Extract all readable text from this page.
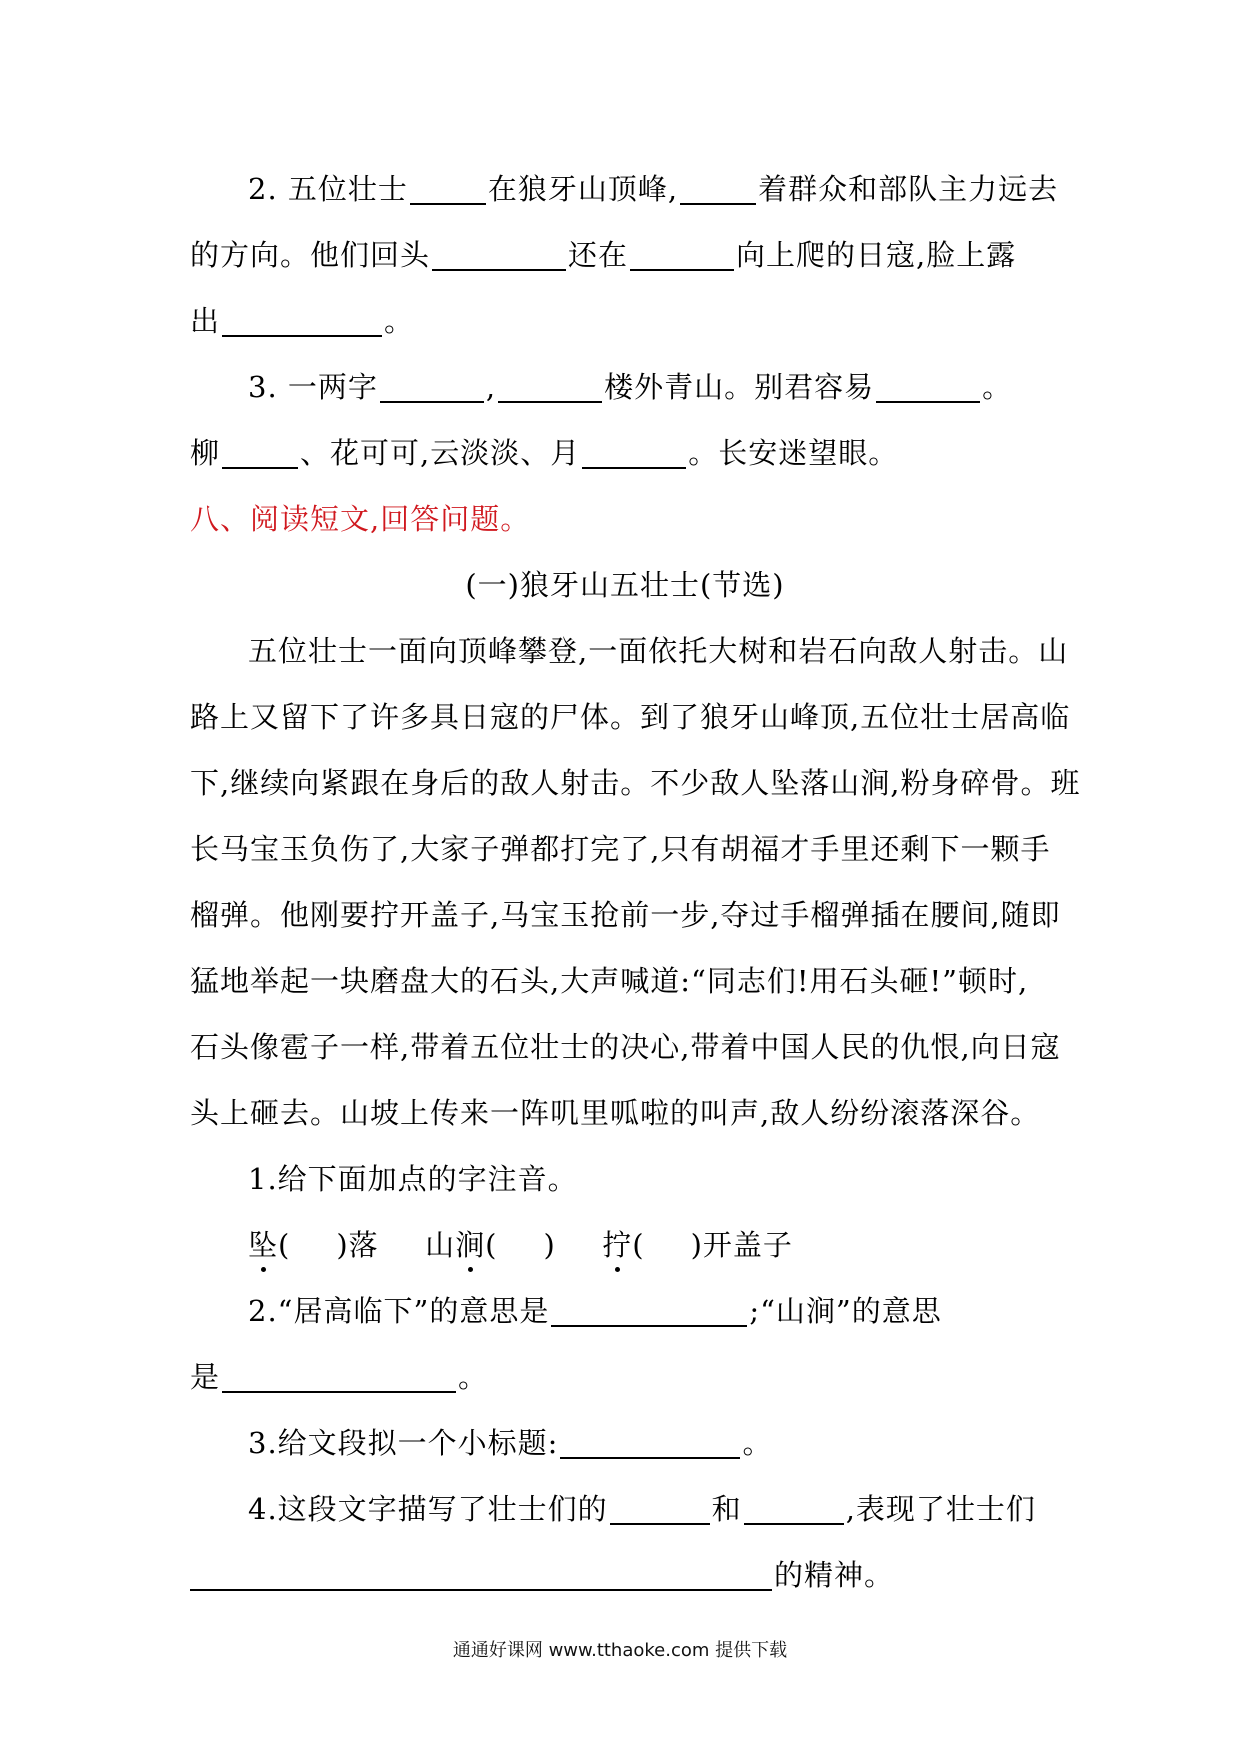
2. 五位壮士	在狼牙山顶峰,	着群众和部队主力远去
的方向。他们回头	还在	向上爬的日寇,脸上露
出	。
3. 一两字	,	楼外青山。别君容易	。
柳	、花可可,云淡淡、月	。长安迷望眼。
八、阅读短文,回答问题。
(一)狼牙山五壮士(节选)
五位壮士一面向顶峰攀登,一面依托大树和岩石向敌人射击。山
路上又留下了许多具日寇的尸体。到了狼牙山峰顶,五位壮士居高临
下,继续向紧跟在身后的敌人射击。不少敌人坠落山涧,粉身碎骨。班
长马宝玉负伤了,大家子弹都打完了,只有胡福才手里还剩下一颗手
榴弹。他刚要拧开盖子,马宝玉抢前一步,夺过手榴弹插在腰间,随即
猛地举起一块磨盘大的石头,大声喊道:“同志们!用石头砸!”顿时,
石头像雹子一样,带着五位壮士的决心,带着中国人民的仇恨,向日寇
头上砸去。山坡上传来一阵叽里呱啦的叫声,敌人纷纷滚落深谷。
1.给下面加点的字注音。
坠( )落 山涧( ) 拧( )开盖子
2.“居高临下”的意思是	;“山涧”的意思
是	。
3.给文段拟一个小标题:	。
4.这段文字描写了壮士们的	和	,表现了壮士们
的精神。
通通好课网 www.tthaoke.com 提供下载
